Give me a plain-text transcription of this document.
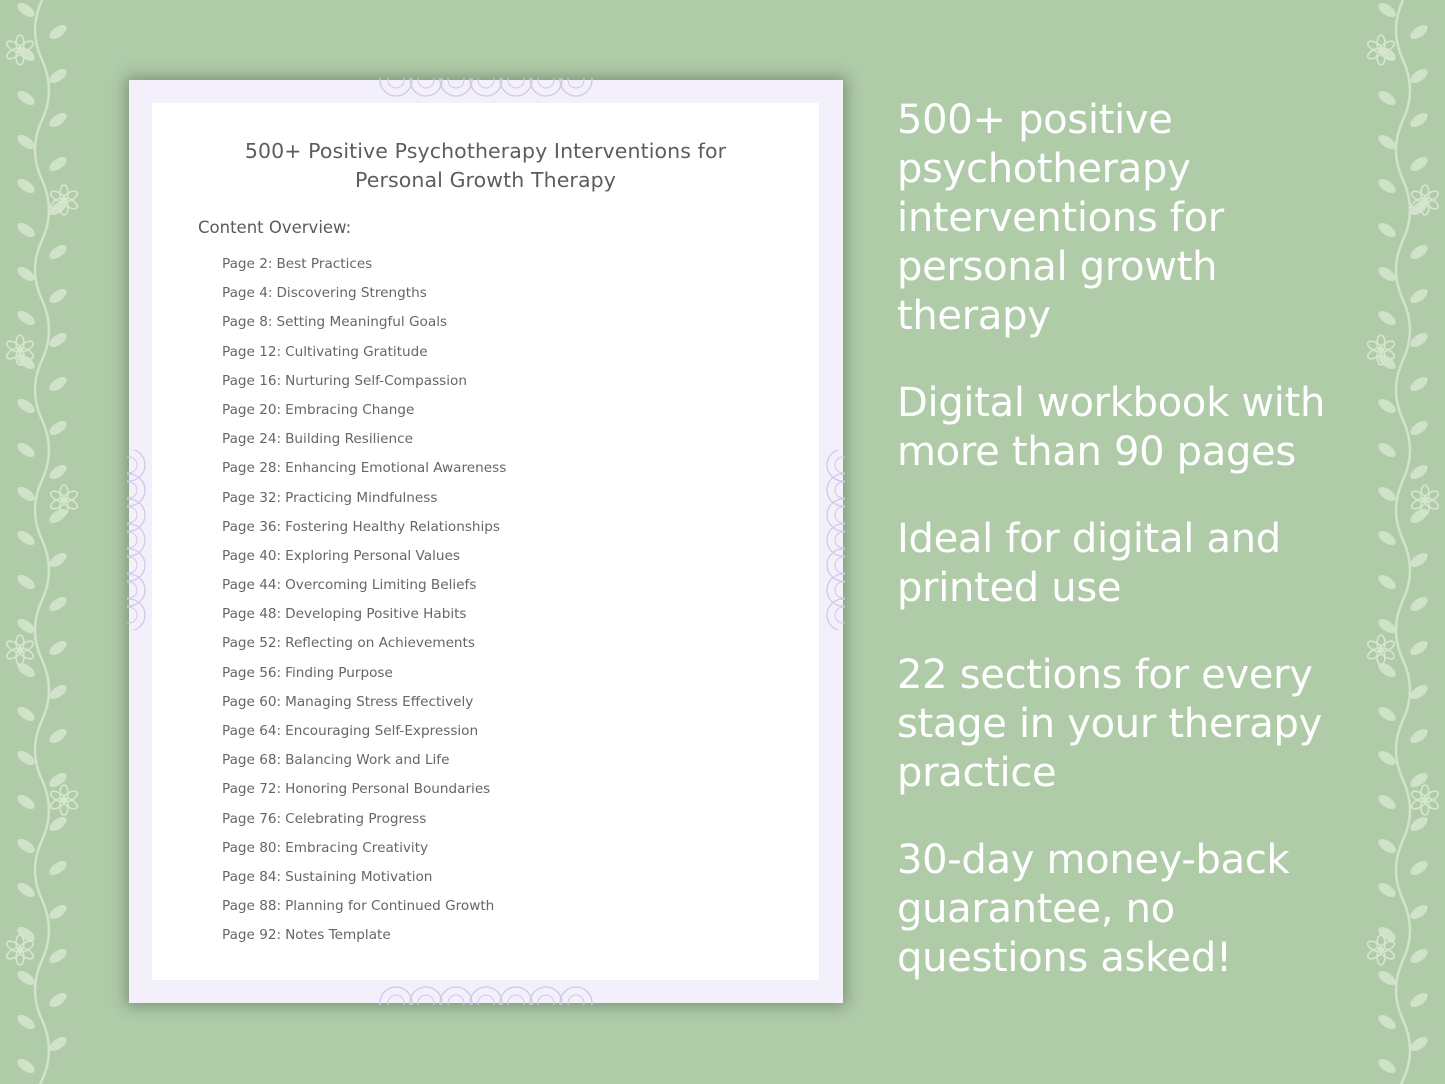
500+ Positive Psychotherapy Interventions for
Personal Growth Therapy
Content Overview:
Page 2: Best Practices
Page 4: Discovering Strengths
Page 8: Setting Meaningful Goals
Page 12: Cultivating Gratitude
Page 16: Nurturing Self-Compassion
Page 20: Embracing Change
Page 24: Building Resilience
Page 28: Enhancing Emotional Awareness
Page 32: Practicing Mindfulness
Page 36: Fostering Healthy Relationships
Page 40: Exploring Personal Values
Page 44: Overcoming Limiting Beliefs
Page 48: Developing Positive Habits
Page 52: Reflecting on Achievements
Page 56: Finding Purpose
Page 60: Managing Stress Effectively
Page 64: Encouraging Self-Expression
Page 68: Balancing Work and Life
Page 72: Honoring Personal Boundaries
Page 76: Celebrating Progress
Page 80: Embracing Creativity
Page 84: Sustaining Motivation
Page 88: Planning for Continued Growth
Page 92: Notes Template

500+ positive
psychotherapy
interventions for
personal growth
therapy

Digital workbook with
more than 90 pages

Ideal for digital and
printed use

22 sections for every
stage in your therapy
practice

30-day money-back
guarantee, no
questions asked!
